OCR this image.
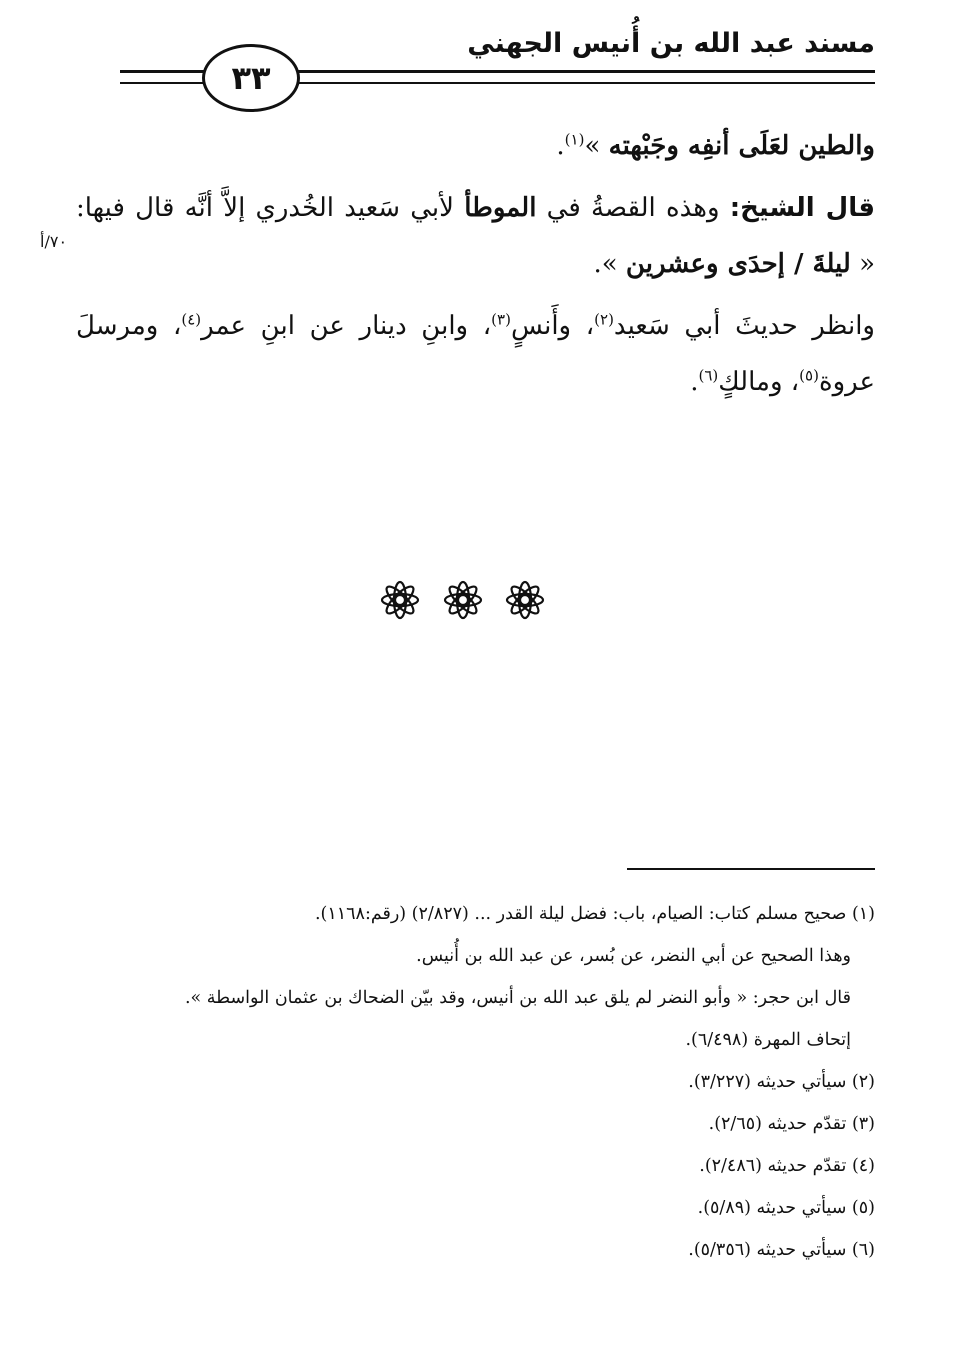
مسند عبد الله بن أُنيس الجهني
٣٣

والطين لعَلَى أنفِه وجَبْهته »$^{(١)}$.

قال الشيخ: وهذه القصةُ في الموطأ لأبي سَعيد الخُدري إلاَّ أنَّه قال فيها: « ليلةَ / إحدَى وعشرين ».

وانظر حديثَ أبي سَعيد$^{(٢)}$، وأَنسٍ$^{(٣)}$، وابنِ دينار عن ابنِ عمر$^{(٤)}$، ومرسلَ عروة$^{(٥)}$، ومالكٍ$^{(٦)}$.

٧٠/أ
(١) صحيح مسلم كتاب: الصيام، باب: فضل ليلة القدر ... (٢/٨٢٧) (رقم:١١٦٨).
وهذا الصحيح عن أبي النضر، عن بُسر، عن عبد الله بن أُنيس.
قال ابن حجر: « وأبو النضر لم يلق عبد الله بن أنيس، وقد بيّن الضحاك بن عثمان الواسطة ».
إتحاف المهرة (٦/٤٩٨).
(٢) سيأتي حديثه (٣/٢٢٧).
(٣) تقدّم حديثه (٢/٦٥).
(٤) تقدّم حديثه (٢/٤٨٦).
(٥) سيأتي حديثه (٥/٨٩).
(٦) سيأتي حديثه (٥/٣٥٦).
